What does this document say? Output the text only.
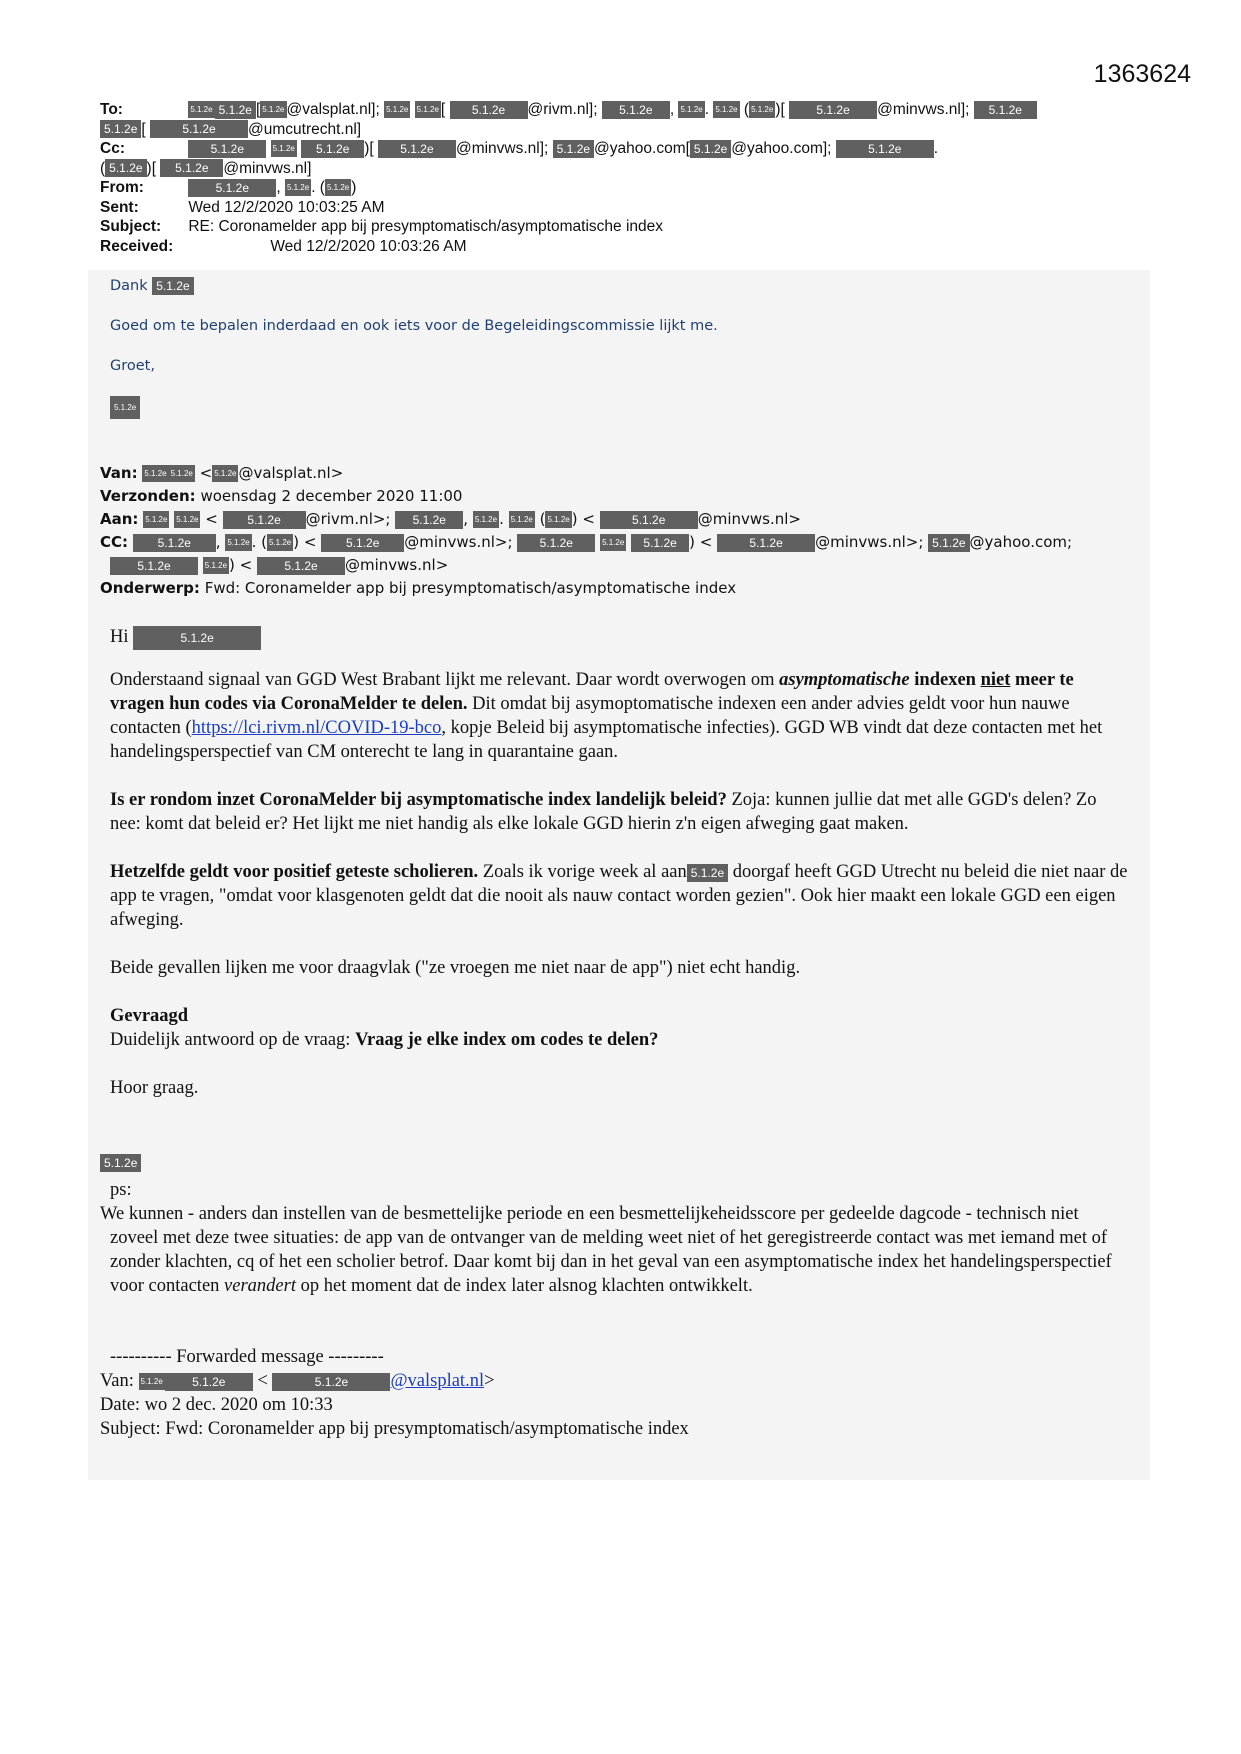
1363624
To:	5.1.2e 5.1.2e [ 5.1.2e @valsplat.nl]; 5.1.2e 5.1.2e [ 5.1.2e @rivm.nl]; 5.1.2e , 5.1.2e . 5.1.2e ( 5.1.2e )[ 5.1.2e @minvws.nl]; 5.1.2e
5.1.2e [	5.1.2e @umcutrecht.nl]
Cc:	5.1.2e	5.1.2e 5.1.2e )[ 5.1.2e @minvws.nl]; 5.1.2e @yahoo.com[ 5.1.2e @yahoo.com];	5.1.2e .
( 5.1.2e )[ 5.1.2e @minvws.nl]
From:	5.1.2e , 5.1.2e . ( 5.1.2e )
Sent:	Wed 12/2/2020 10:03:25 AM
Subject: RE: Coronamelder app bij presymptomatisch/asymptomatische index
Received:	Wed 12/2/2020 10:03:26 AM

Dank 5.1.2e

Goed om te bepalen inderdaad en ook iets voor de Begeleidingscommissie lijkt me.

Groet,

5.1.2e

Van: 5.1.2e 5.1.2e < 5.1.2e @valsplat.nl>
Verzonden: woensdag 2 december 2020 11:00
Aan: 5.1.2e 5.1.2e < 5.1.2e @rivm.nl>; 5.1.2e , 5.1.2e . 5.1.2e ( 5.1.2e ) <	5.1.2e @minvws.nl>
CC: 5.1.2e , 5.1.2e . ( 5.1.2e ) < 5.1.2e @minvws.nl>; 5.1.2e	5.1.2e 5.1.2e ) <	5.1.2e @minvws.nl>; 5.1.2e @yahoo.com;
5.1.2e	5.1.2e ) < 5.1.2e @minvws.nl>
Onderwerp: Fwd: Coronamelder app bij presymptomatisch/asymptomatische index

Hi	5.1.2e

Onderstaand signaal van GGD West Brabant lijkt me relevant. Daar wordt overwogen om asymptomatische indexen niet meer te vragen hun codes via CoronaMelder te delen. Dit omdat bij asymoptomatische indexen een ander advies geldt voor hun nauwe contacten (https://lci.rivm.nl/COVID-19-bco, kopje Beleid bij asymptomatische infecties). GGD WB vindt dat deze contacten met het handelingsperspectief van CM onterecht te lang in quarantaine gaan.

Is er rondom inzet CoronaMelder bij asymptomatische index landelijk beleid? Zoja: kunnen jullie dat met alle GGD's delen? Zo nee: komt dat beleid er? Het lijkt me niet handig als elke lokale GGD hierin z'n eigen afweging gaat maken.

Hetzelfde geldt voor positief geteste scholieren. Zoals ik vorige week al aan 5.1.2e doorgaf heeft GGD Utrecht nu beleid die niet naar de app te vragen, "omdat voor klasgenoten geldt dat die nooit als nauw contact worden gezien". Ook hier maakt een lokale GGD een eigen afweging.

Beide gevallen lijken me voor draagvlak ("ze vroegen me niet naar de app") niet echt handig.

Gevraagd
Duidelijk antwoord op de vraag: Vraag je elke index om codes te delen?

Hoor graag.

5.1.2e
ps:
We kunnen - anders dan instellen van de besmettelijke periode en een besmettelijkeheidsscore per gedeelde dagcode - technisch niet zoveel met deze twee situaties: de app van de ontvanger van de melding weet niet of het geregistreerde contact was met iemand met of zonder klachten, cq of het een scholier betrof. Daar komt bij dan in het geval van een asymptomatische index het handelingsperspectief voor contacten verandert op het moment dat de index later alsnog klachten ontwikkelt.
---------- Forwarded message ---------
Van: 5.1.2e 5.1.2e <	5.1.2e @valsplat.nl>
Date: wo 2 dec. 2020 om 10:33
Subject: Fwd: Coronamelder app bij presymptomatisch/asymptomatische index
